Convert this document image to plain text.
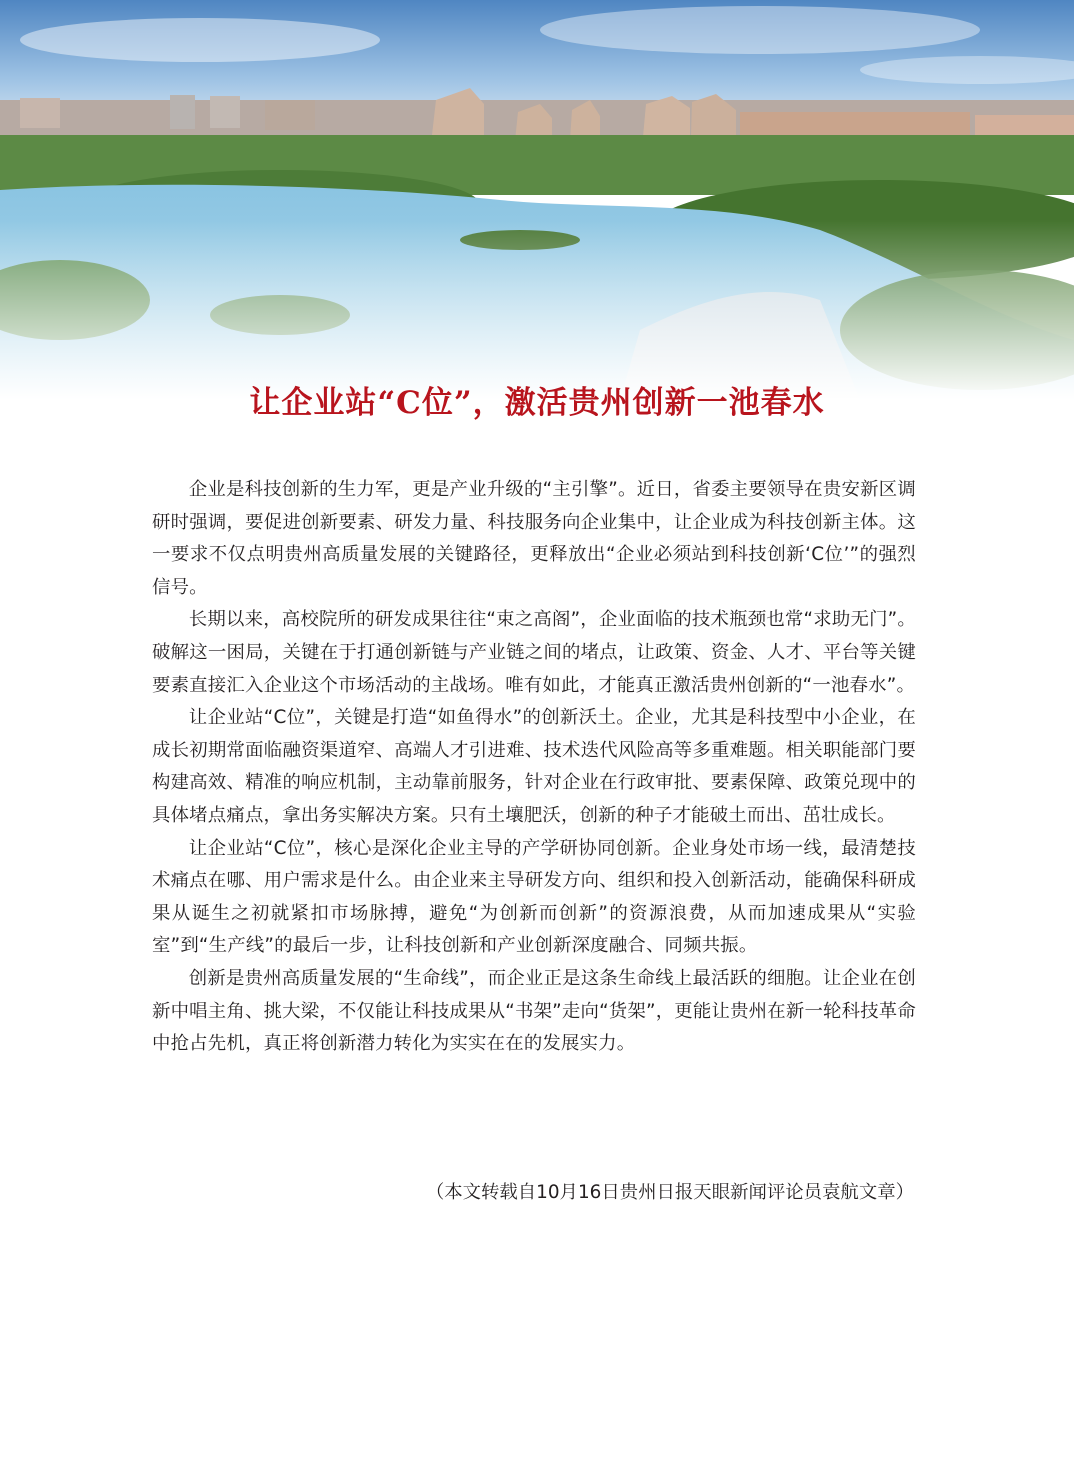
让企业站“C位”，激活贵州创新一池春水

企业是科技创新的生力军，更是产业升级的“主引擎”。近日，省委主要领导在贵安新区调研时强调，要促进创新要素、研发力量、科技服务向企业集中，让企业成为科技创新主体。这一要求不仅点明贵州高质量发展的关键路径，更释放出“企业必须站到科技创新‘C位’”的强烈信号。

长期以来，高校院所的研发成果往往“束之高阁”，企业面临的技术瓶颈也常“求助无门”。破解这一困局，关键在于打通创新链与产业链之间的堵点，让政策、资金、人才、平台等关键要素直接汇入企业这个市场活动的主战场。唯有如此，才能真正激活贵州创新的“一池春水”。

让企业站“C位”，关键是打造“如鱼得水”的创新沃土。企业，尤其是科技型中小企业，在成长初期常面临融资渠道窄、高端人才引进难、技术迭代风险高等多重难题。相关职能部门要构建高效、精准的响应机制，主动靠前服务，针对企业在行政审批、要素保障、政策兑现中的具体堵点痛点，拿出务实解决方案。只有土壤肥沃，创新的种子才能破土而出、茁壮成长。

让企业站“C位”，核心是深化企业主导的产学研协同创新。企业身处市场一线，最清楚技术痛点在哪、用户需求是什么。由企业来主导研发方向、组织和投入创新活动，能确保科研成果从诞生之初就紧扣市场脉搏，避免“为创新而创新”的资源浪费，从而加速成果从“实验室”到“生产线”的最后一步，让科技创新和产业创新深度融合、同频共振。

创新是贵州高质量发展的“生命线”，而企业正是这条生命线上最活跃的细胞。让企业在创新中唱主角、挑大梁，不仅能让科技成果从“书架”走向“货架”，更能让贵州在新一轮科技革命中抢占先机，真正将创新潜力转化为实实在在的发展实力。

（本文转载自10月16日贵州日报天眼新闻评论员袁航文章）
